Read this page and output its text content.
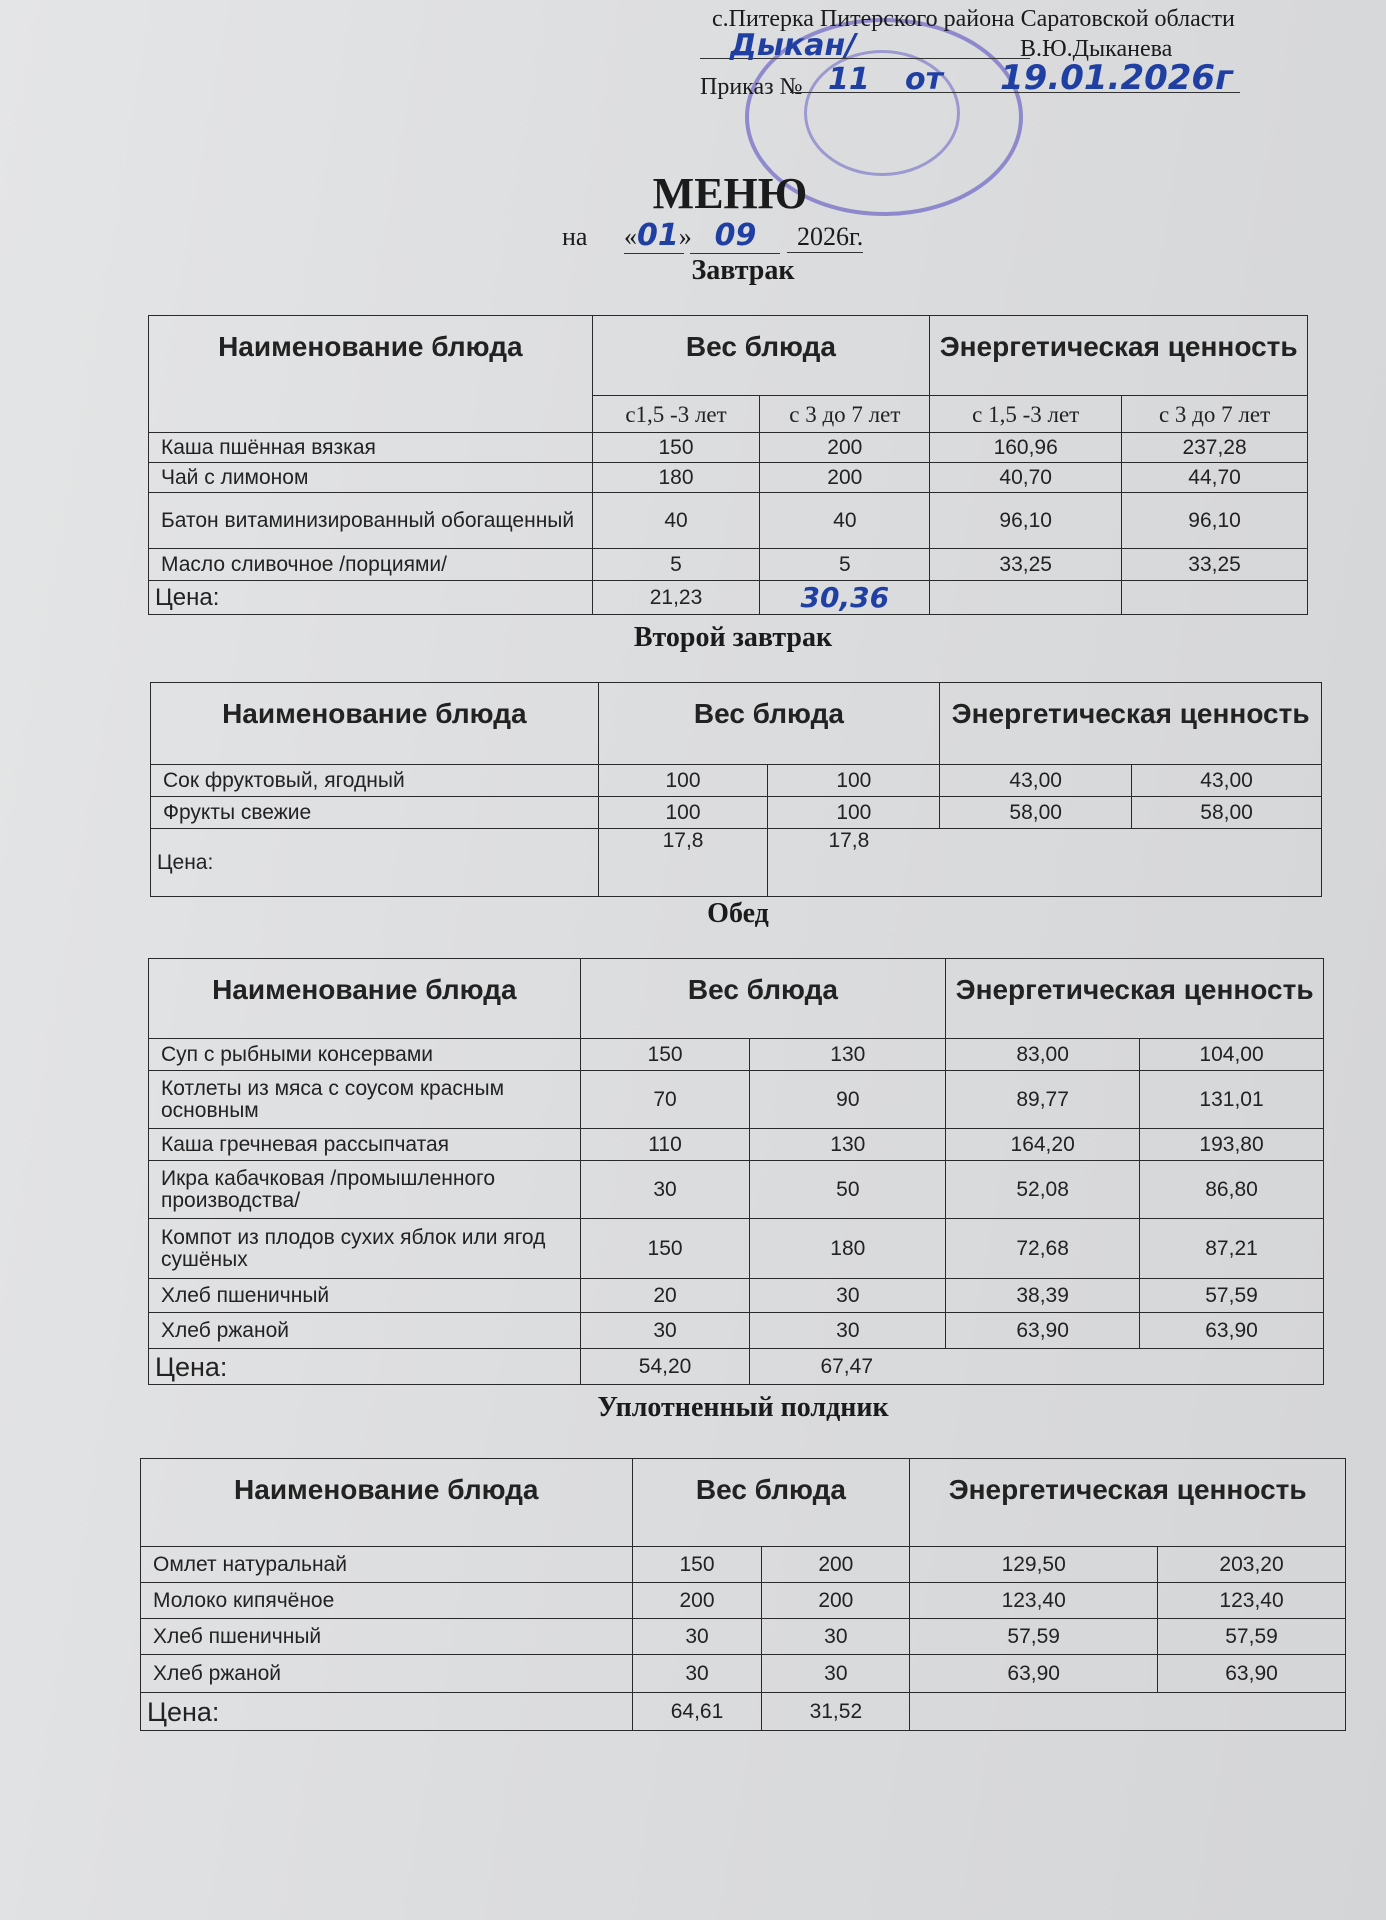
с.Питерка Питерского района Саратовской области
В.Ю.Дыканева
Приказ №
Дыкан/
11 от 19.01.2026г
МЕНЮ
на «01» 09 2026г.
Завтрак
Наименование блюда	Вес блюда		Энергетическая ценность	
	с1,5 -3 лет	с 3 до 7 лет	с 1,5 -3 лет	с 3 до 7 лет
Каша пшённая вязкая	150	200	160,96	237,28
Чай с лимоном	180	200	40,70	44,70
Батон витаминизированный обогащенный	40	40	96,10	96,10
Масло сливочное /порциями/	5	5	33,25	33,25
Цена:	21,23	30,36		
Второй завтрак
Наименование блюда	Вес блюда		Энергетическая ценность	
Сок фруктовый, ягодный	100	100	43,00	43,00
Фрукты свежие	100	100	58,00	58,00
Цена:	17,8	17,8		
Обед
Наименование блюда	Вес блюда		Энергетическая ценность	
Суп с рыбными консервами	150	130	83,00	104,00
Котлеты из мяса с соусом красным основным	70	90	89,77	131,01
Каша гречневая рассыпчатая	110	130	164,20	193,80
Икра кабачковая /промышленного производства/	30	50	52,08	86,80
Компот из плодов сухих яблок или ягод сушёных	150	180	72,68	87,21
Хлеб пшеничный	20	30	38,39	57,59
Хлеб ржаной	30	30	63,90	63,90
Цена:	54,20	67,47		
Уплотненный полдник
Наименование блюда	Вес блюда		Энергетическая ценность	
Омлет натуральнай	150	200	129,50	203,20
Молоко кипячёное	200	200	123,40	123,40
Хлеб пшеничный	30	30	57,59	57,59
Хлеб ржаной	30	30	63,90	63,90
Цена:	64,61	31,52		
